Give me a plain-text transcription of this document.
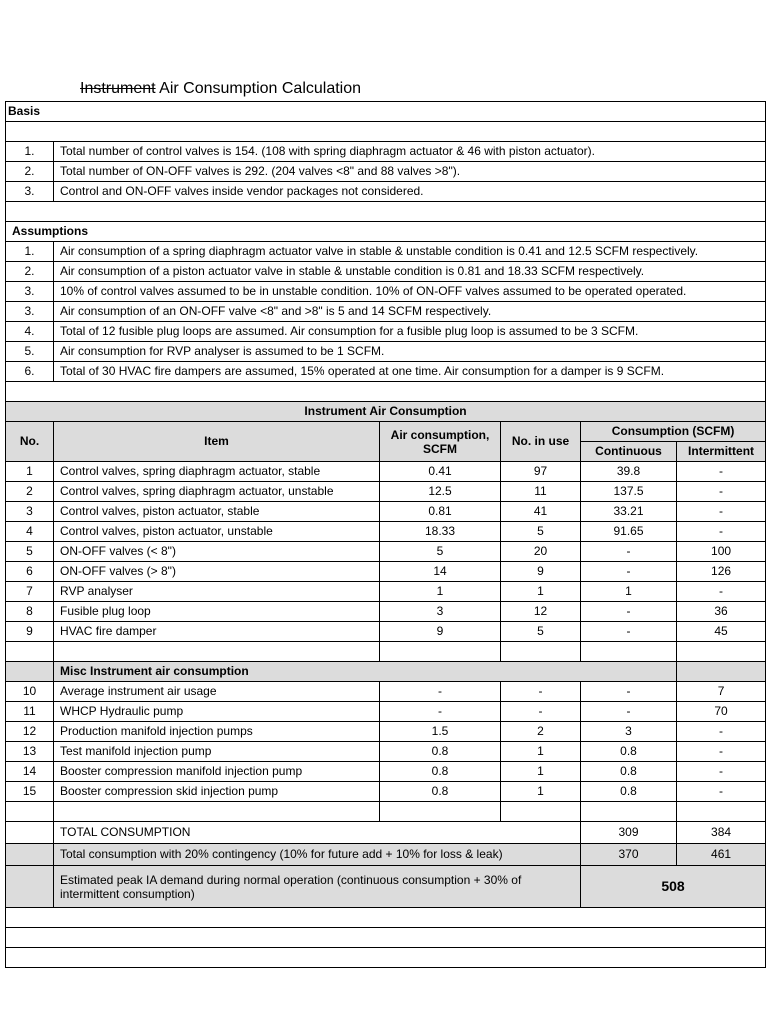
Instrument Air Consumption Calculation
Basis					

1.	Total number of control valves is 154. (108 with spring diaphragm actuator & 46 with piston actuator).				
2.	Total number of ON-OFF valves is 292. (204 valves <8" and 88 valves >8").				
3.	Control and ON-OFF valves inside vendor packages not considered.				

Assumptions					
1.	Air consumption of a spring diaphragm actuator valve in stable & unstable condition is 0.41 and 12.5 SCFM respectively.				
2.	Air consumption of a piston actuator valve in stable & unstable condition is 0.81 and 18.33 SCFM respectively.				
3.	10% of control valves assumed to be in unstable condition. 10% of ON-OFF valves assumed to be operated operated.				
3.	Air consumption of an ON-OFF valve <8" and >8" is 5 and 14 SCFM respectively.				
4.	Total of 12 fusible plug loops are assumed. Air consumption for a fusible plug loop is assumed to be 3 SCFM.				
5.	Air consumption for RVP analyser is assumed to be 1 SCFM.				
6.	Total of 30 HVAC fire dampers are assumed, 15% operated at one time. Air consumption for a damper is 9 SCFM.				

Instrument Air Consumption					
No.	Item	Air consumption, SCFM	No. in use	Consumption (SCFM)	
				Continuous	Intermittent
1	Control valves, spring diaphragm actuator, stable	0.41	97	39.8	-
2	Control valves, spring diaphragm actuator, unstable	12.5	11	137.5	-
3	Control valves, piston actuator, stable	0.81	41	33.21	-
4	Control valves, piston actuator, unstable	18.33	5	91.65	-
5	ON-OFF valves (< 8")	5	20	-	100
6	ON-OFF valves (> 8")	14	9	-	126
7	RVP analyser	1	1	1	-
8	Fusible plug loop	3	12	-	36
9	HVAC fire damper	9	5	-	45

	Misc Instrument air consumption				
10	Average instrument air usage	-	-	-	7
11	WHCP Hydraulic pump	-	-	-	70
12	Production manifold injection pumps	1.5	2	3	-
13	Test manifold injection pump	0.8	1	0.8	-
14	Booster compression manifold injection pump	0.8	1	0.8	-
15	Booster compression skid injection pump	0.8	1	0.8	-

	TOTAL CONSUMPTION			309	384
	Total consumption with 20% contingency (10% for future add + 10% for loss & leak)			370	461
	Estimated peak IA demand during normal operation (continuous consumption + 30% of intermittent consumption)			508	
